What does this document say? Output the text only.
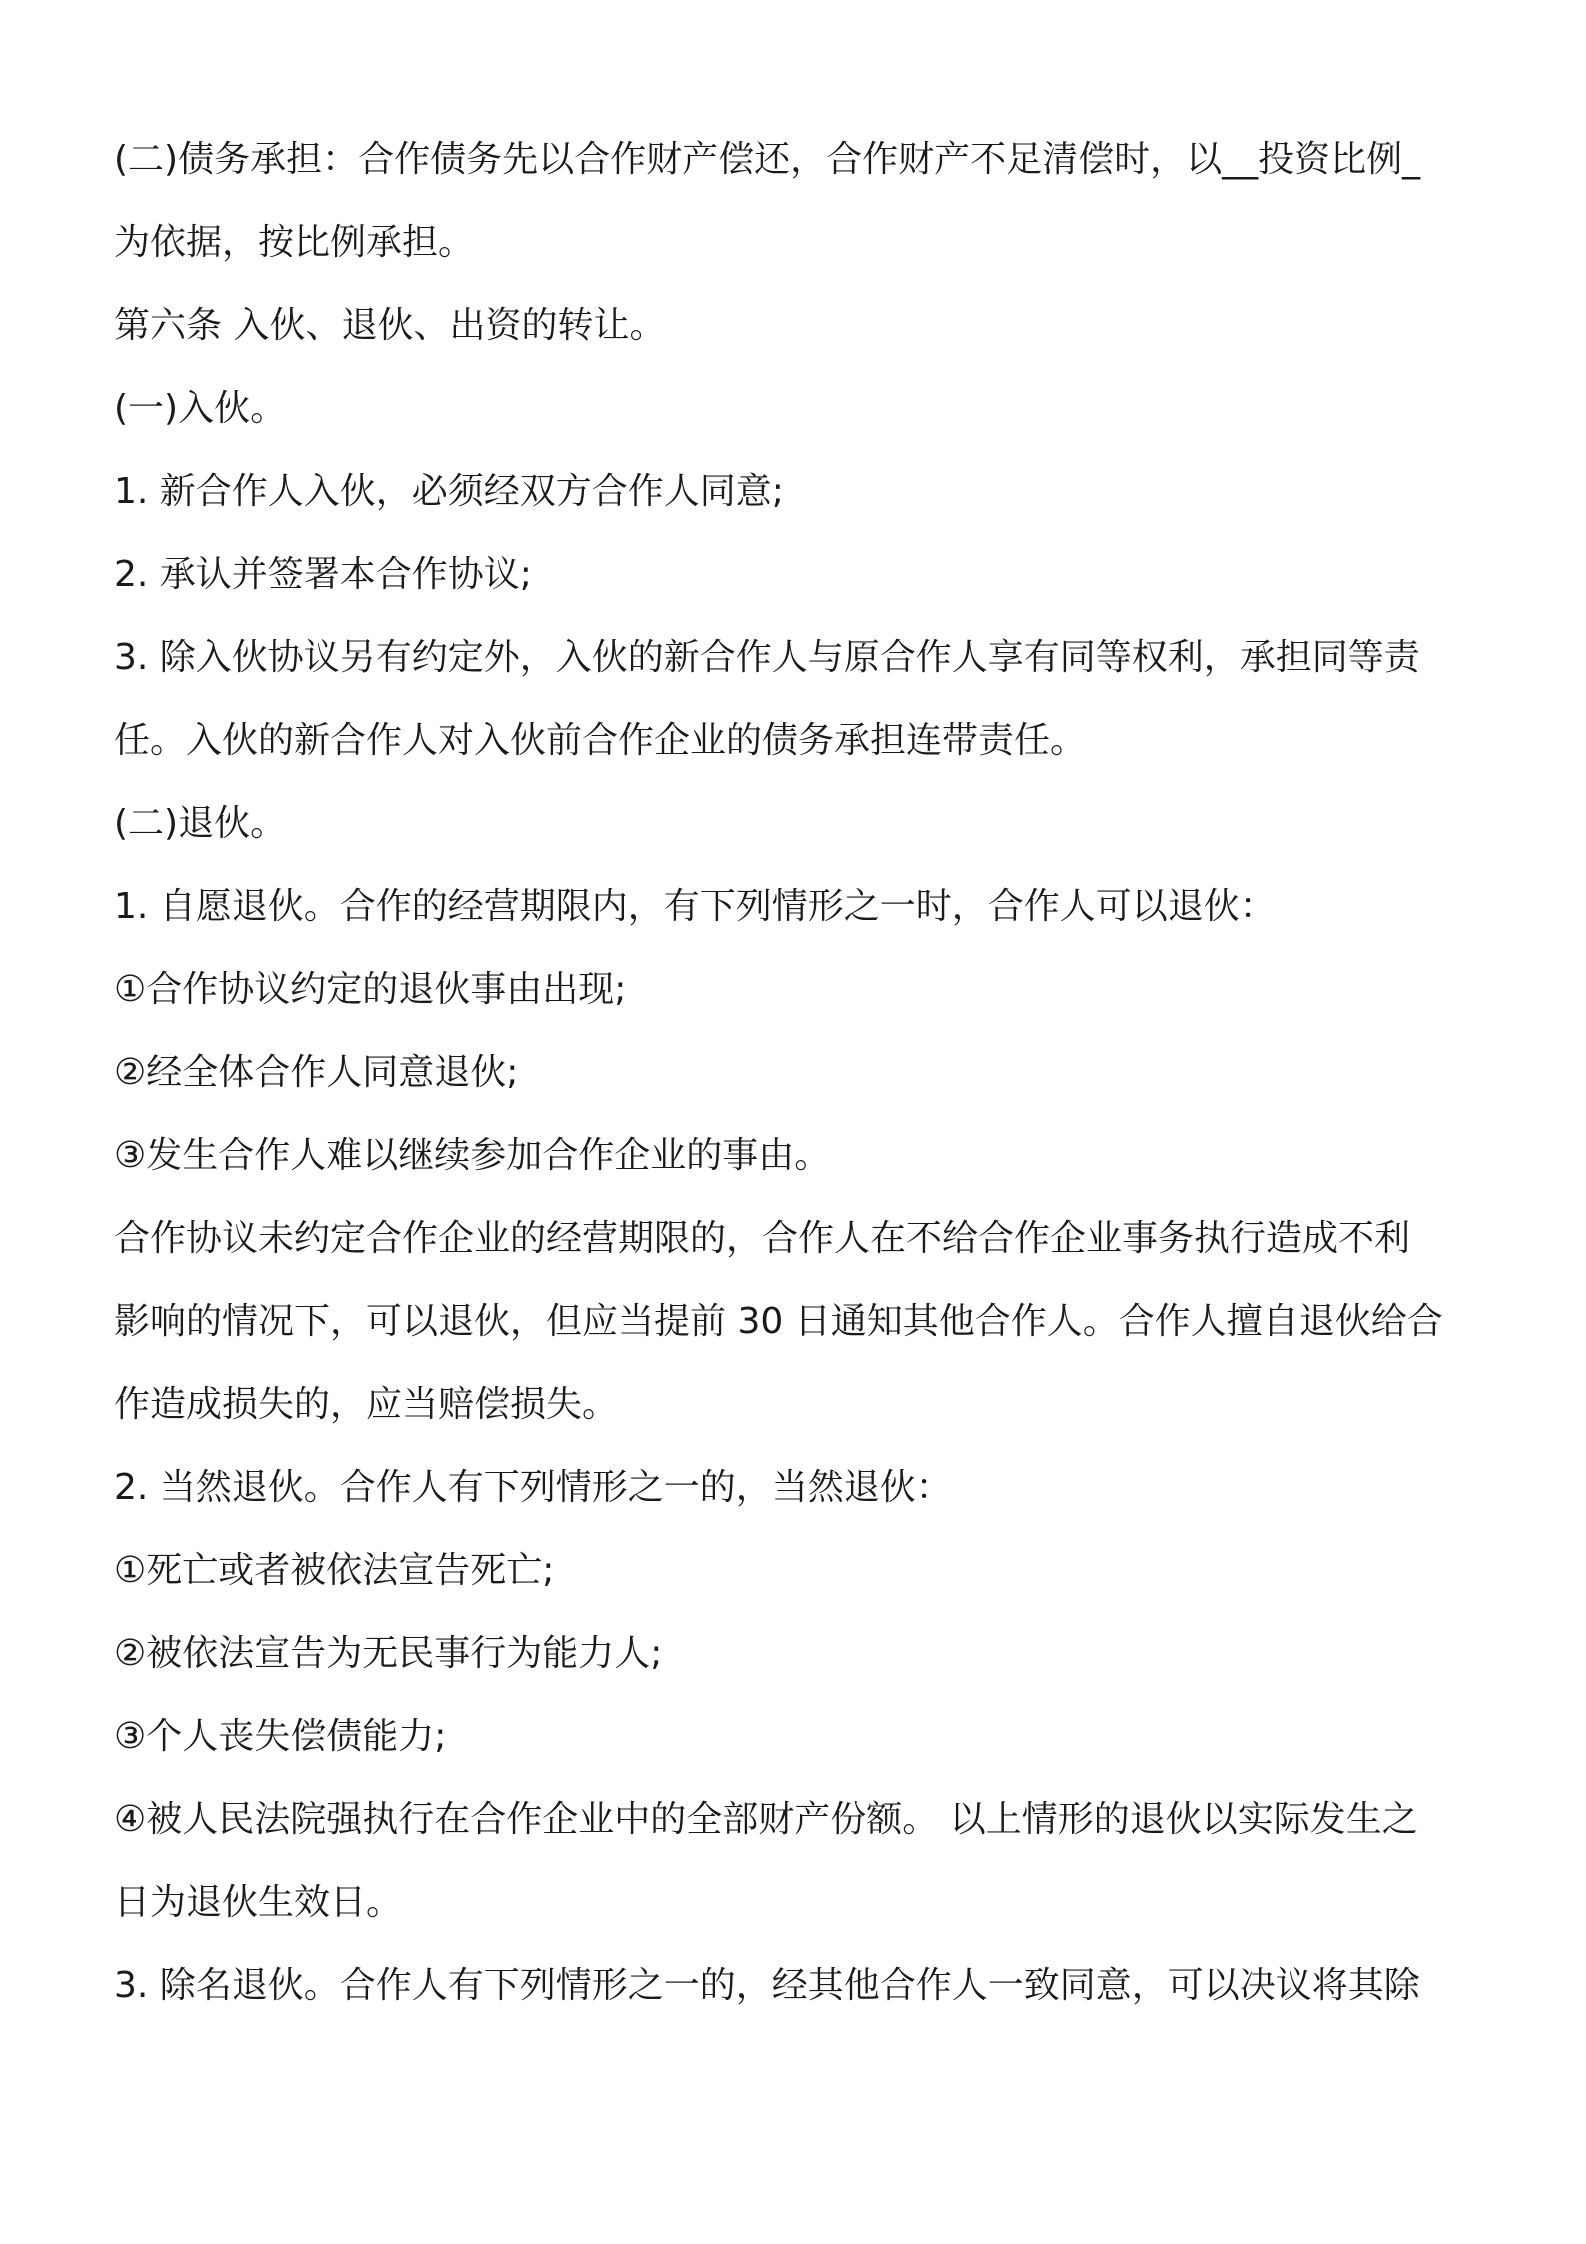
(二)债务承担：合作债务先以合作财产偿还，合作财产不足清偿时，以__投资比例_

为依据，按比例承担。

第六条 入伙、退伙、出资的转让。

(一)入伙。

1. 新合作人入伙，必须经双方合作人同意;

2. 承认并签署本合作协议;

3. 除入伙协议另有约定外，入伙的新合作人与原合作人享有同等权利，承担同等责

任。入伙的新合作人对入伙前合作企业的债务承担连带责任。

(二)退伙。

1. 自愿退伙。合作的经营期限内，有下列情形之一时，合作人可以退伙：

①合作协议约定的退伙事由出现;

②经全体合作人同意退伙;

③发生合作人难以继续参加合作企业的事由。

合作协议未约定合作企业的经营期限的，合作人在不给合作企业事务执行造成不利

影响的情况下，可以退伙，但应当提前 30 日通知其他合作人。合作人擅自退伙给合

作造成损失的，应当赔偿损失。

2. 当然退伙。合作人有下列情形之一的，当然退伙：

①死亡或者被依法宣告死亡;

②被依法宣告为无民事行为能力人;

③个人丧失偿债能力;

④被人民法院强执行在合作企业中的全部财产份额。 以上情形的退伙以实际发生之

日为退伙生效日。

3. 除名退伙。合作人有下列情形之一的，经其他合作人一致同意，可以决议将其除
